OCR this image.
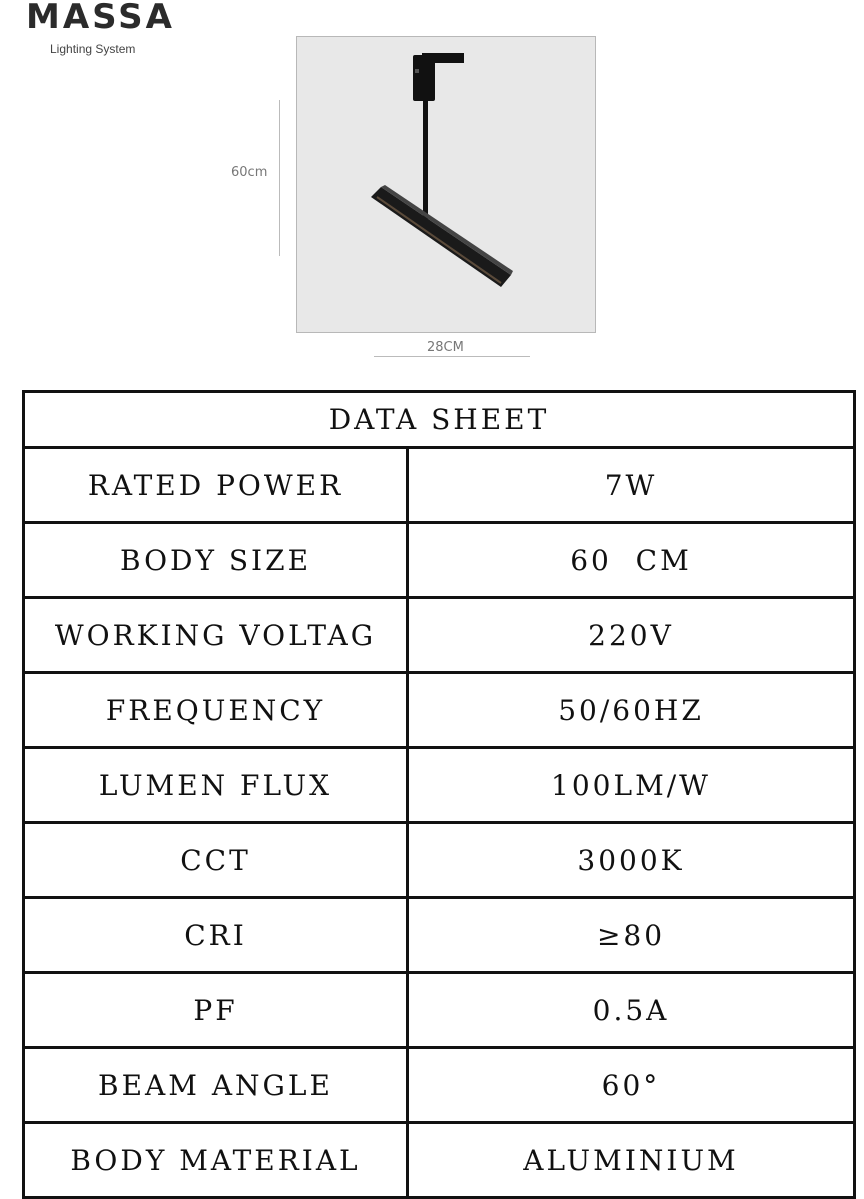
MASSA
Lighting System
60cm
28CM
DATA SHEET
RATED POWER	7W
BODY SIZE	60  CM
WORKING VOLTAG	220V
FREQUENCY	50/60HZ
LUMEN FLUX	100LM/W
CCT	3000K
CRI	≥80
PF	0.5A
BEAM ANGLE	60°
BODY MATERIAL	ALUMINIUM
